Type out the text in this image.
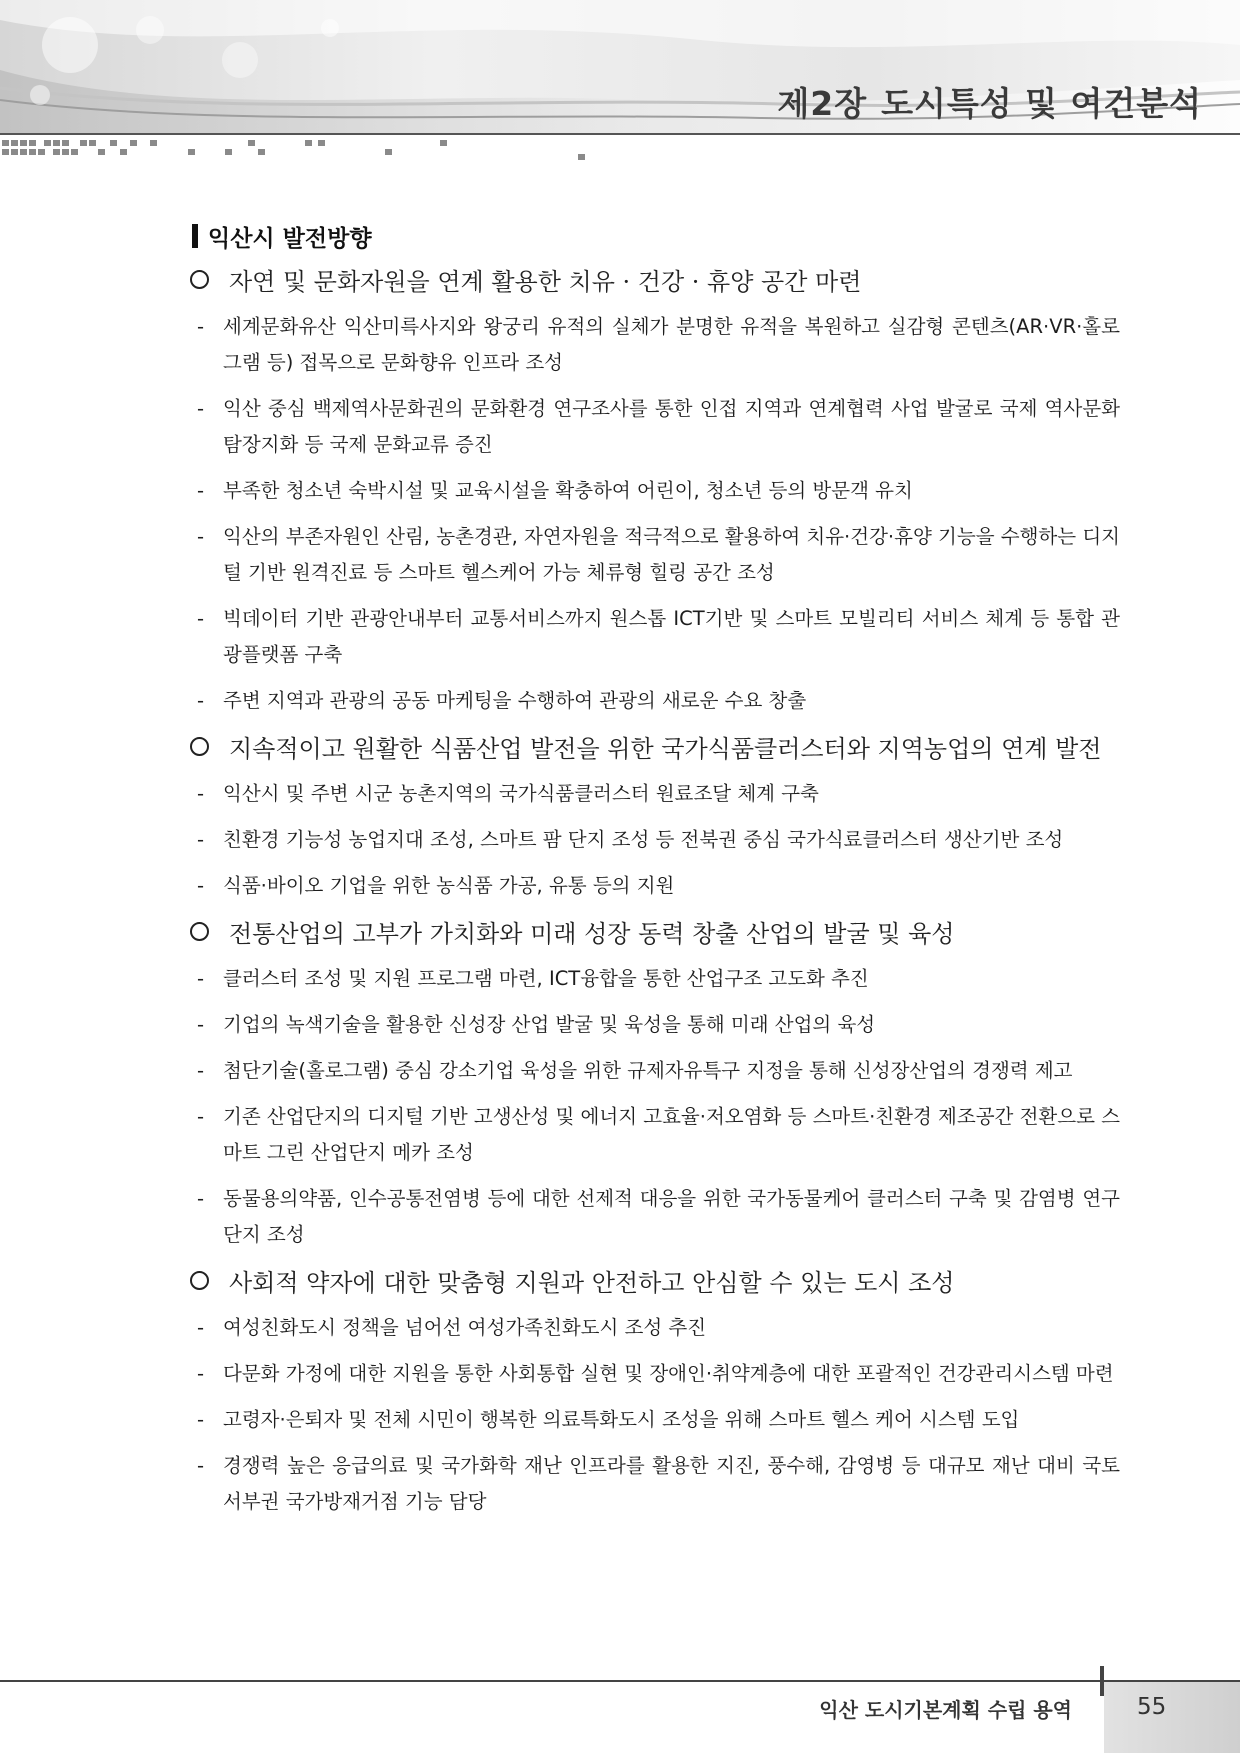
제2장 도시특성 및 여건분석
익산시 발전방향
자연 및 문화자원을 연계 활용한 치유 · 건강 · 휴양 공간 마련
- 세계문화유산 익산미륵사지와 왕궁리 유적의 실체가 분명한 유적을 복원하고 실감형 콘텐츠(AR·VR·홀로그램 등) 접목으로 문화향유 인프라 조성
- 익산 중심 백제역사문화권의 문화환경 연구조사를 통한 인접 지역과 연계협력 사업 발굴로 국제 역사문화 탐장지화 등 국제 문화교류 증진
- 부족한 청소년 숙박시설 및 교육시설을 확충하여 어린이, 청소년 등의 방문객 유치
- 익산의 부존자원인 산림, 농촌경관, 자연자원을 적극적으로 활용하여 치유·건강·휴양 기능을 수행하는 디지털 기반 원격진료 등 스마트 헬스케어 가능 체류형 힐링 공간 조성
- 빅데이터 기반 관광안내부터 교통서비스까지 원스톱 ICT기반 및 스마트 모빌리티 서비스 체계 등 통합 관광플랫폼 구축
- 주변 지역과 관광의 공동 마케팅을 수행하여 관광의 새로운 수요 창출
지속적이고 원활한 식품산업 발전을 위한 국가식품클러스터와 지역농업의 연계 발전
- 익산시 및 주변 시군 농촌지역의 국가식품클러스터 원료조달 체계 구축
- 친환경 기능성 농업지대 조성, 스마트 팜 단지 조성 등 전북권 중심 국가식료클러스터 생산기반 조성
- 식품·바이오 기업을 위한 농식품 가공, 유통 등의 지원
전통산업의 고부가 가치화와 미래 성장 동력 창출 산업의 발굴 및 육성
- 클러스터 조성 및 지원 프로그램 마련, ICT융합을 통한 산업구조 고도화 추진
- 기업의 녹색기술을 활용한 신성장 산업 발굴 및 육성을 통해 미래 산업의 육성
- 첨단기술(홀로그램) 중심 강소기업 육성을 위한 규제자유특구 지정을 통해 신성장산업의 경쟁력 제고
- 기존 산업단지의 디지털 기반 고생산성 및 에너지 고효율·저오염화 등 스마트·친환경 제조공간 전환으로 스마트 그린 산업단지 메카 조성
- 동물용의약품, 인수공통전염병 등에 대한 선제적 대응을 위한 국가동물케어 클러스터 구축 및 감염병 연구단지 조성
사회적 약자에 대한 맞춤형 지원과 안전하고 안심할 수 있는 도시 조성
- 여성친화도시 정책을 넘어선 여성가족친화도시 조성 추진
- 다문화 가정에 대한 지원을 통한 사회통합 실현 및 장애인·취약계층에 대한 포괄적인 건강관리시스템 마련
- 고령자·은퇴자 및 전체 시민이 행복한 의료특화도시 조성을 위해 스마트 헬스 케어 시스템 도입
- 경쟁력 높은 응급의료 및 국가화학 재난 인프라를 활용한 지진, 풍수해, 감영병 등 대규모 재난 대비 국토 서부권 국가방재거점 기능 담당
익산 도시기본계획 수립 용역	55
